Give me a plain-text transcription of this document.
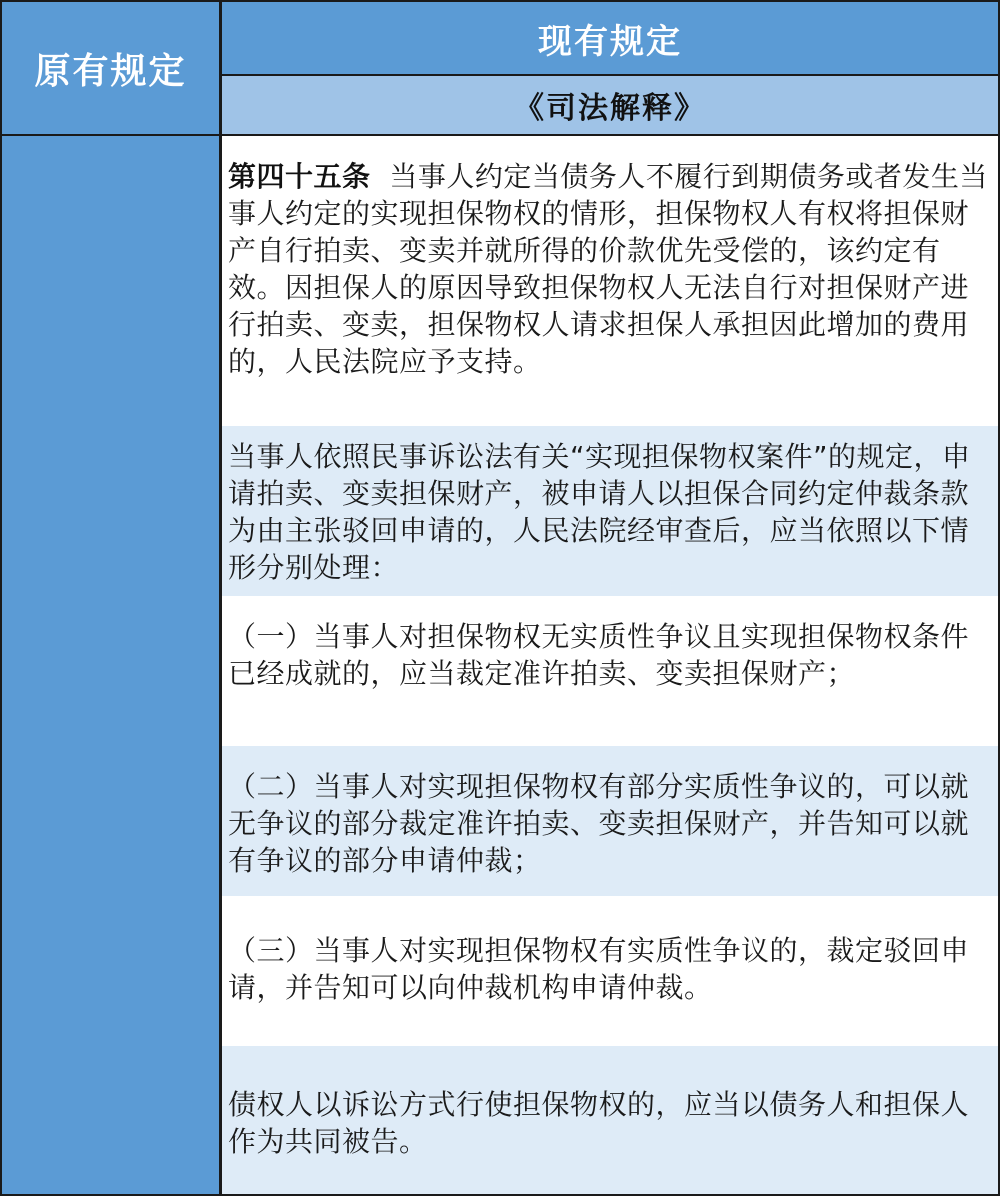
原有规定
现有规定
《司法解释》
第四十五条 当事人约定当债务人不履行到期债务或者发生当事人约定的实现担保物权的情形，担保物权人有权将担保财产自行拍卖、变卖并就所得的价款优先受偿的，该约定有效。因担保人的原因导致担保物权人无法自行对担保财产进行拍卖、变卖，担保物权人请求担保人承担因此增加的费用的，人民法院应予支持。
当事人依照民事诉讼法有关“实现担保物权案件”的规定，申请拍卖、变卖担保财产，被申请人以担保合同约定仲裁条款为由主张驳回申请的，人民法院经审查后，应当依照以下情形分别处理：
（一）当事人对担保物权无实质性争议且实现担保物权条件已经成就的，应当裁定准许拍卖、变卖担保财产；
（二）当事人对实现担保物权有部分实质性争议的，可以就无争议的部分裁定准许拍卖、变卖担保财产，并告知可以就有争议的部分申请仲裁；
（三）当事人对实现担保物权有实质性争议的，裁定驳回申请，并告知可以向仲裁机构申请仲裁。
债权人以诉讼方式行使担保物权的，应当以债务人和担保人作为共同被告。
